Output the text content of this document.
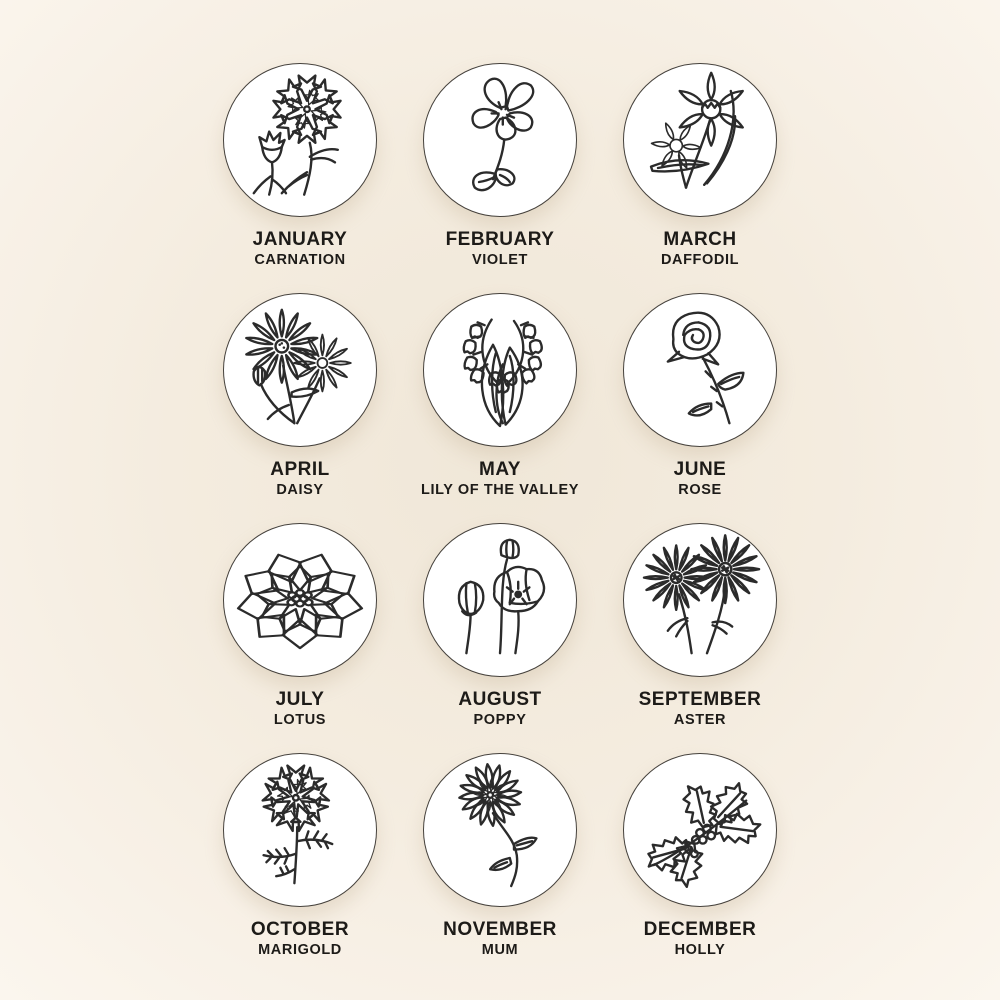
JANUARY
CARNATION
FEBRUARY
VIOLET
MARCH
DAFFODIL
APRIL
DAISY
MAY
LILY OF THE VALLEY
JUNE
ROSE
JULY
LOTUS
AUGUST
POPPY
SEPTEMBER
ASTER
OCTOBER
MARIGOLD
NOVEMBER
MUM
DECEMBER
HOLLY
